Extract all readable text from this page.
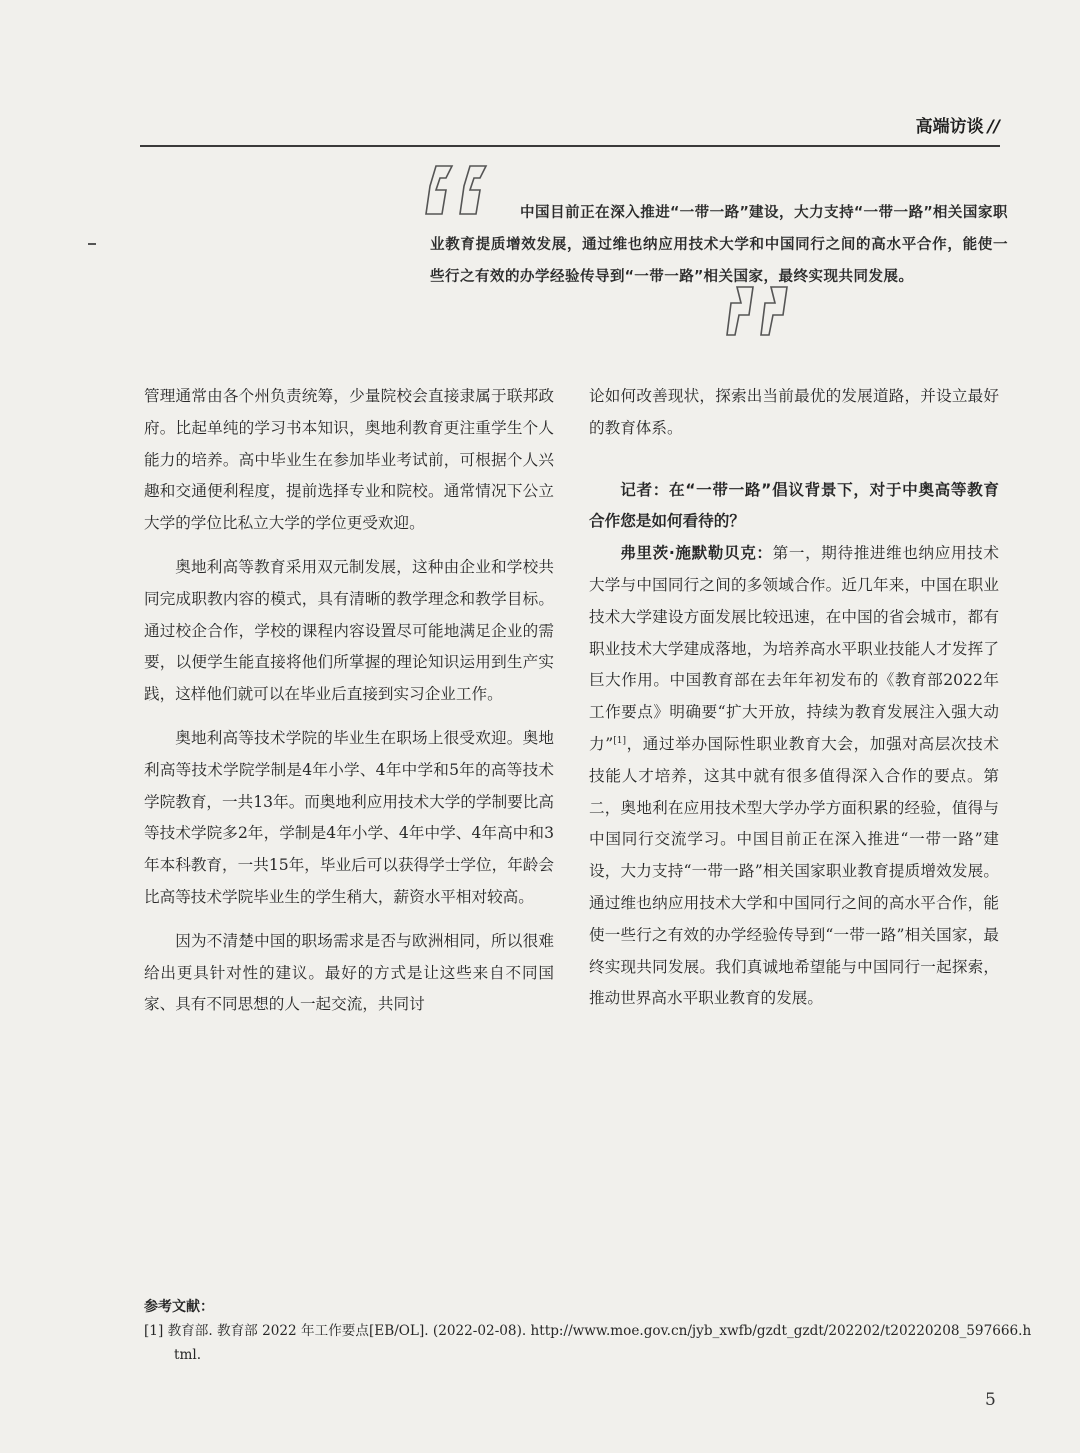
高端访谈 //
中国目前正在深入推进“一带一路”建设，大力支持“一带一路”相关国家职业教育提质增效发展，通过维也纳应用技术大学和中国同行之间的高水平合作，能使一些行之有效的办学经验传导到“一带一路”相关国家，最终实现共同发展。

管理通常由各个州负责统筹，少量院校会直接隶属于联邦政府。比起单纯的学习书本知识，奥地利教育更注重学生个人能力的培养。高中毕业生在参加毕业考试前，可根据个人兴趣和交通便利程度，提前选择专业和院校。通常情况下公立大学的学位比私立大学的学位更受欢迎。

奥地利高等教育采用双元制发展，这种由企业和学校共同完成职教内容的模式，具有清晰的教学理念和教学目标。通过校企合作，学校的课程内容设置尽可能地满足企业的需要，以便学生能直接将他们所掌握的理论知识运用到生产实践，这样他们就可以在毕业后直接到实习企业工作。

奥地利高等技术学院的毕业生在职场上很受欢迎。奥地利高等技术学院学制是4年小学、4年中学和5年的高等技术学院教育，一共13年。而奥地利应用技术大学的学制要比高等技术学院多2年，学制是4年小学、4年中学、4年高中和3年本科教育，一共15年，毕业后可以获得学士学位，年龄会比高等技术学院毕业生的学生稍大，薪资水平相对较高。

因为不清楚中国的职场需求是否与欧洲相同，所以很难给出更具针对性的建议。最好的方式是让这些来自不同国家、具有不同思想的人一起交流，共同讨

论如何改善现状，探索出当前最优的发展道路，并设立最好的教育体系。

记者：在“一带一路”倡议背景下，对于中奥高等教育合作您是如何看待的？

弗里茨·施默勒贝克：第一，期待推进维也纳应用技术大学与中国同行之间的多领域合作。近几年来，中国在职业技术大学建设方面发展比较迅速，在中国的省会城市，都有职业技术大学建成落地，为培养高水平职业技能人才发挥了巨大作用。中国教育部在去年年初发布的《教育部2022年工作要点》明确要“扩大开放，持续为教育发展注入强大动力”[1]，通过举办国际性职业教育大会，加强对高层次技术技能人才培养，这其中就有很多值得深入合作的要点。第二，奥地利在应用技术型大学办学方面积累的经验，值得与中国同行交流学习。中国目前正在深入推进“一带一路”建设，大力支持“一带一路”相关国家职业教育提质增效发展。通过维也纳应用技术大学和中国同行之间的高水平合作，能使一些行之有效的办学经验传导到“一带一路”相关国家，最终实现共同发展。我们真诚地希望能与中国同行一起探索，推动世界高水平职业教育的发展。

参考文献：
[1] 教育部. 教育部 2022 年工作要点[EB/OL]. (2022-02-08). http://www.moe.gov.cn/jyb_xwfb/gzdt_gzdt/202202/t20220208_597666.html.
5
